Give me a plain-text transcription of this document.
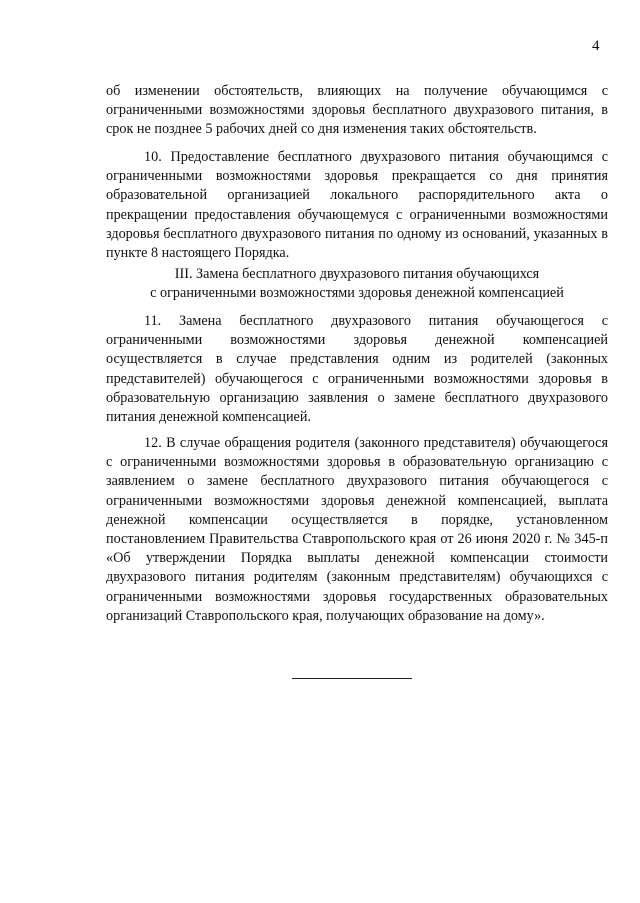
4

об изменении обстоятельств, влияющих на получение обучающимся с ограниченными возможностями здоровья бесплатного двухразового питания, в срок не позднее 5 рабочих дней со дня изменения таких обстоятельств.

10. Предоставление бесплатного двухразового питания обучающимся с ограниченными возможностями здоровья прекращается со дня принятия образовательной организацией локального распорядительного акта о прекращении предоставления обучающемуся с ограниченными возможностями здоровья бесплатного двухразового питания по одному из оснований, указанных в пункте 8 настоящего Порядка.

III. Замена бесплатного двухразового питания обучающихся
с ограниченными возможностями здоровья денежной компенсацией

11. Замена бесплатного двухразового питания обучающегося с ограниченными возможностями здоровья денежной компенсацией осуществляется в случае представления одним из родителей (законных представителей) обучающегося с ограниченными возможностями здоровья в образовательную организацию заявления о замене бесплатного двухразового питания денежной компенсацией.

12. В случае обращения родителя (законного представителя) обучающегося с ограниченными возможностями здоровья в образовательную организацию с заявлением о замене бесплатного двухразового питания обучающегося с ограниченными возможностями здоровья денежной компенсацией, выплата денежной компенсации осуществляется в порядке, установленном постановлением Правительства Ставропольского края от 26 июня 2020 г. № 345-п «Об утверждении Порядка выплаты денежной компенсации стоимости двухразового питания родителям (законным представителям) обучающихся с ограниченными возможностями здоровья государственных образовательных организаций Ставропольского края, получающих образование на дому».
